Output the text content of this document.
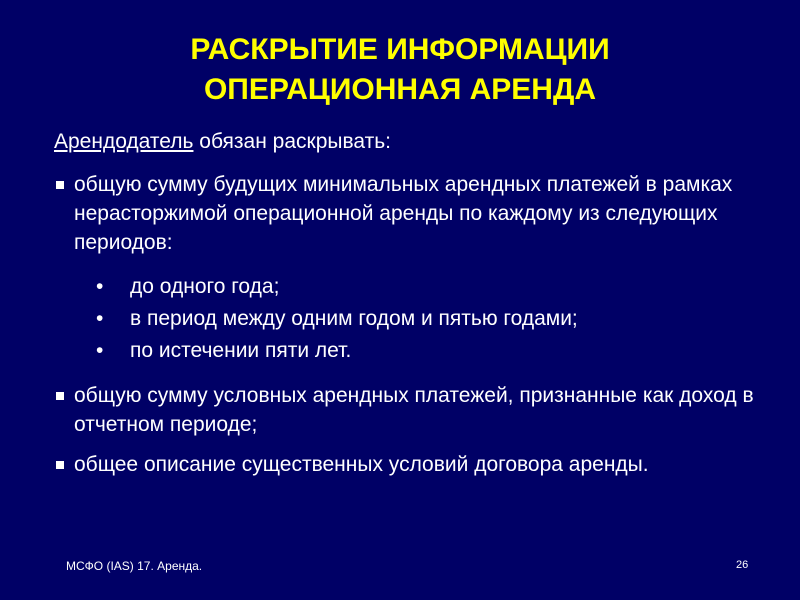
РАСКРЫТИЕ ИНФОРМАЦИИ
ОПЕРАЦИОННАЯ АРЕНДА

Арендодатель обязан раскрывать:

общую сумму будущих минимальных арендных платежей в рамках нерасторжимой операционной аренды по каждому из следующих периодов:

• до одного года;
• в период между одним годом и пятью годами;
• по истечении пяти лет.

общую сумму условных арендных платежей, признанные как доход в отчетном периоде;

общее описание существенных условий договора аренды.

МСФО (IAS) 17. Аренда.	26
